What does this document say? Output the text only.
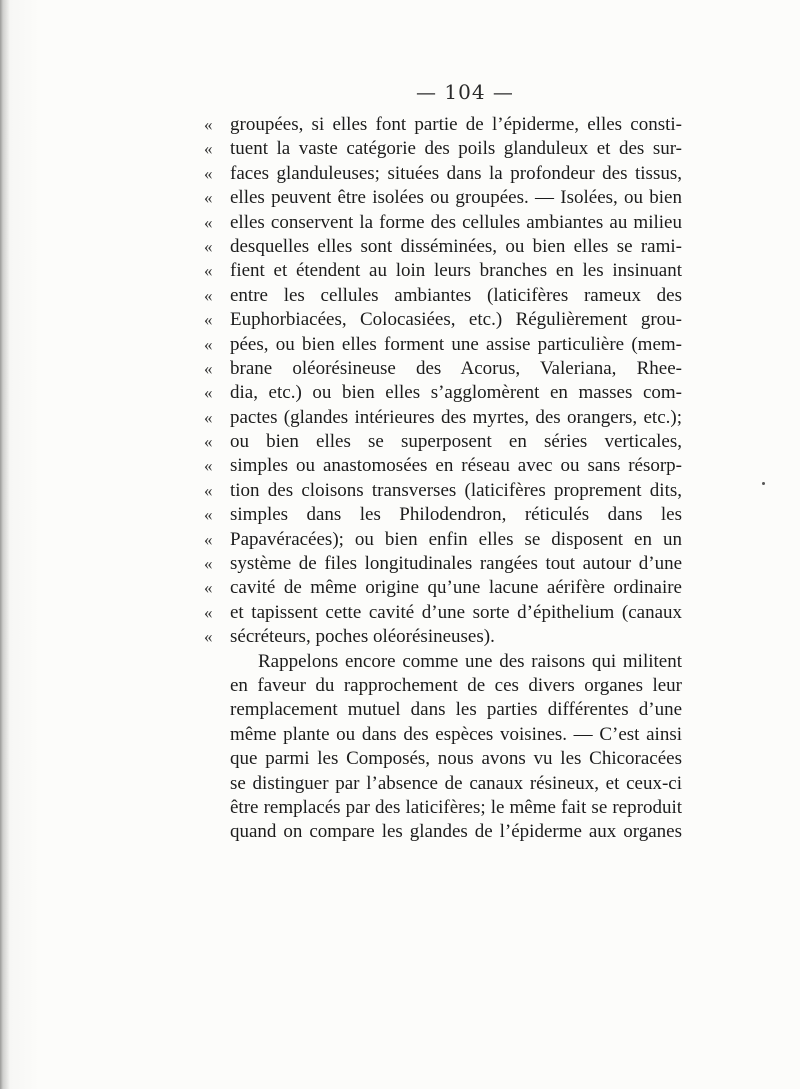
— 104 —
« groupées, si elles font partie de l’épiderme, elles consti-
« tuent la vaste catégorie des poils glanduleux et des sur-
« faces glanduleuses; situées dans la profondeur des tissus,
« elles peuvent être isolées ou groupées. — Isolées, ou bien
« elles conservent la forme des cellules ambiantes au milieu
« desquelles elles sont disséminées, ou bien elles se rami-
« fient et étendent au loin leurs branches en les insinuant
« entre les cellules ambiantes (laticifères rameux des
« Euphorbiacées, Colocasiées, etc.) Régulièrement grou-
« pées, ou bien elles forment une assise particulière (mem-
« brane oléorésineuse des Acorus, Valeriana, Rhee-
« dia, etc.) ou bien elles s’agglomèrent en masses com-
« pactes (glandes intérieures des myrtes, des orangers, etc.);
« ou bien elles se superposent en séries verticales,
« simples ou anastomosées en réseau avec ou sans résorp-
« tion des cloisons transverses (laticifères proprement dits,
« simples dans les Philodendron, réticulés dans les
« Papavéracées); ou bien enfin elles se disposent en un
« système de files longitudinales rangées tout autour d’une
« cavité de même origine qu’une lacune aérifère ordinaire
« et tapissent cette cavité d’une sorte d’épithelium (canaux
« sécréteurs, poches oléorésineuses).
Rappelons encore comme une des raisons qui militent
en faveur du rapprochement de ces divers organes leur
remplacement mutuel dans les parties différentes d’une
même plante ou dans des espèces voisines. — C’est ainsi
que parmi les Composés, nous avons vu les Chicoracées
se distinguer par l’absence de canaux résineux, et ceux-ci
être remplacés par des laticifères; le même fait se reproduit
quand on compare les glandes de l’épiderme aux organes
